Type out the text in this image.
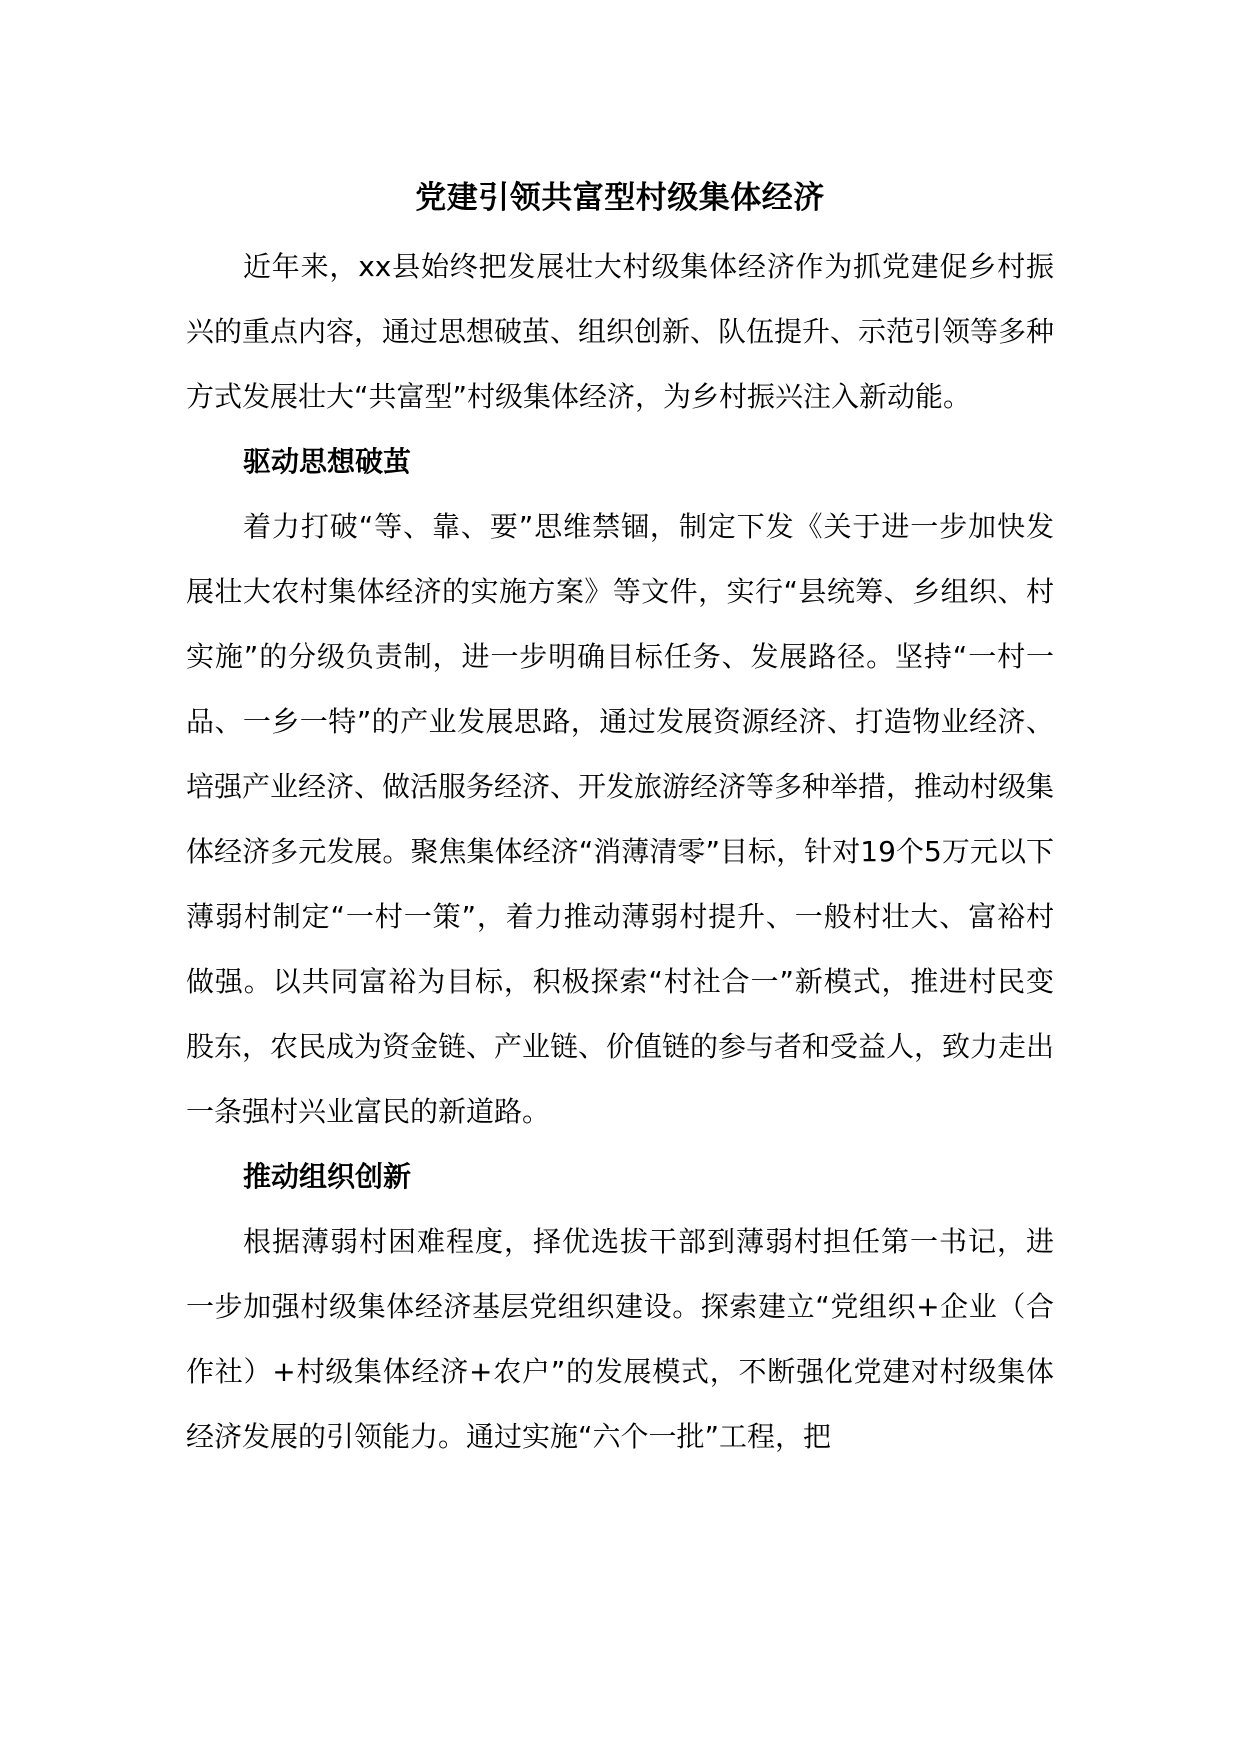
党建引领共富型村级集体经济

近年来，xx县始终把发展壮大村级集体经济作为抓党建促乡村振兴的重点内容，通过思想破茧、组织创新、队伍提升、示范引领等多种方式发展壮大“共富型”村级集体经济，为乡村振兴注入新动能。

驱动思想破茧

着力打破“等、靠、要”思维禁锢，制定下发《关于进一步加快发展壮大农村集体经济的实施方案》等文件，实行“县统筹、乡组织、村实施”的分级负责制，进一步明确目标任务、发展路径。坚持“一村一品、一乡一特”的产业发展思路，通过发展资源经济、打造物业经济、培强产业经济、做活服务经济、开发旅游经济等多种举措，推动村级集体经济多元发展。聚焦集体经济“消薄清零”目标，针对19个5万元以下薄弱村制定“一村一策”，着力推动薄弱村提升、一般村壮大、富裕村做强。以共同富裕为目标，积极探索“村社合一”新模式，推进村民变股东，农民成为资金链、产业链、价值链的参与者和受益人，致力走出一条强村兴业富民的新道路。

推动组织创新

根据薄弱村困难程度，择优选拔干部到薄弱村担任第一书记，进一步加强村级集体经济基层党组织建设。探索建立“党组织+企业（合作社）+村级集体经济+农户”的发展模式，不断强化党建对村级集体经济发展的引领能力。通过实施“六个一批”工程，把
